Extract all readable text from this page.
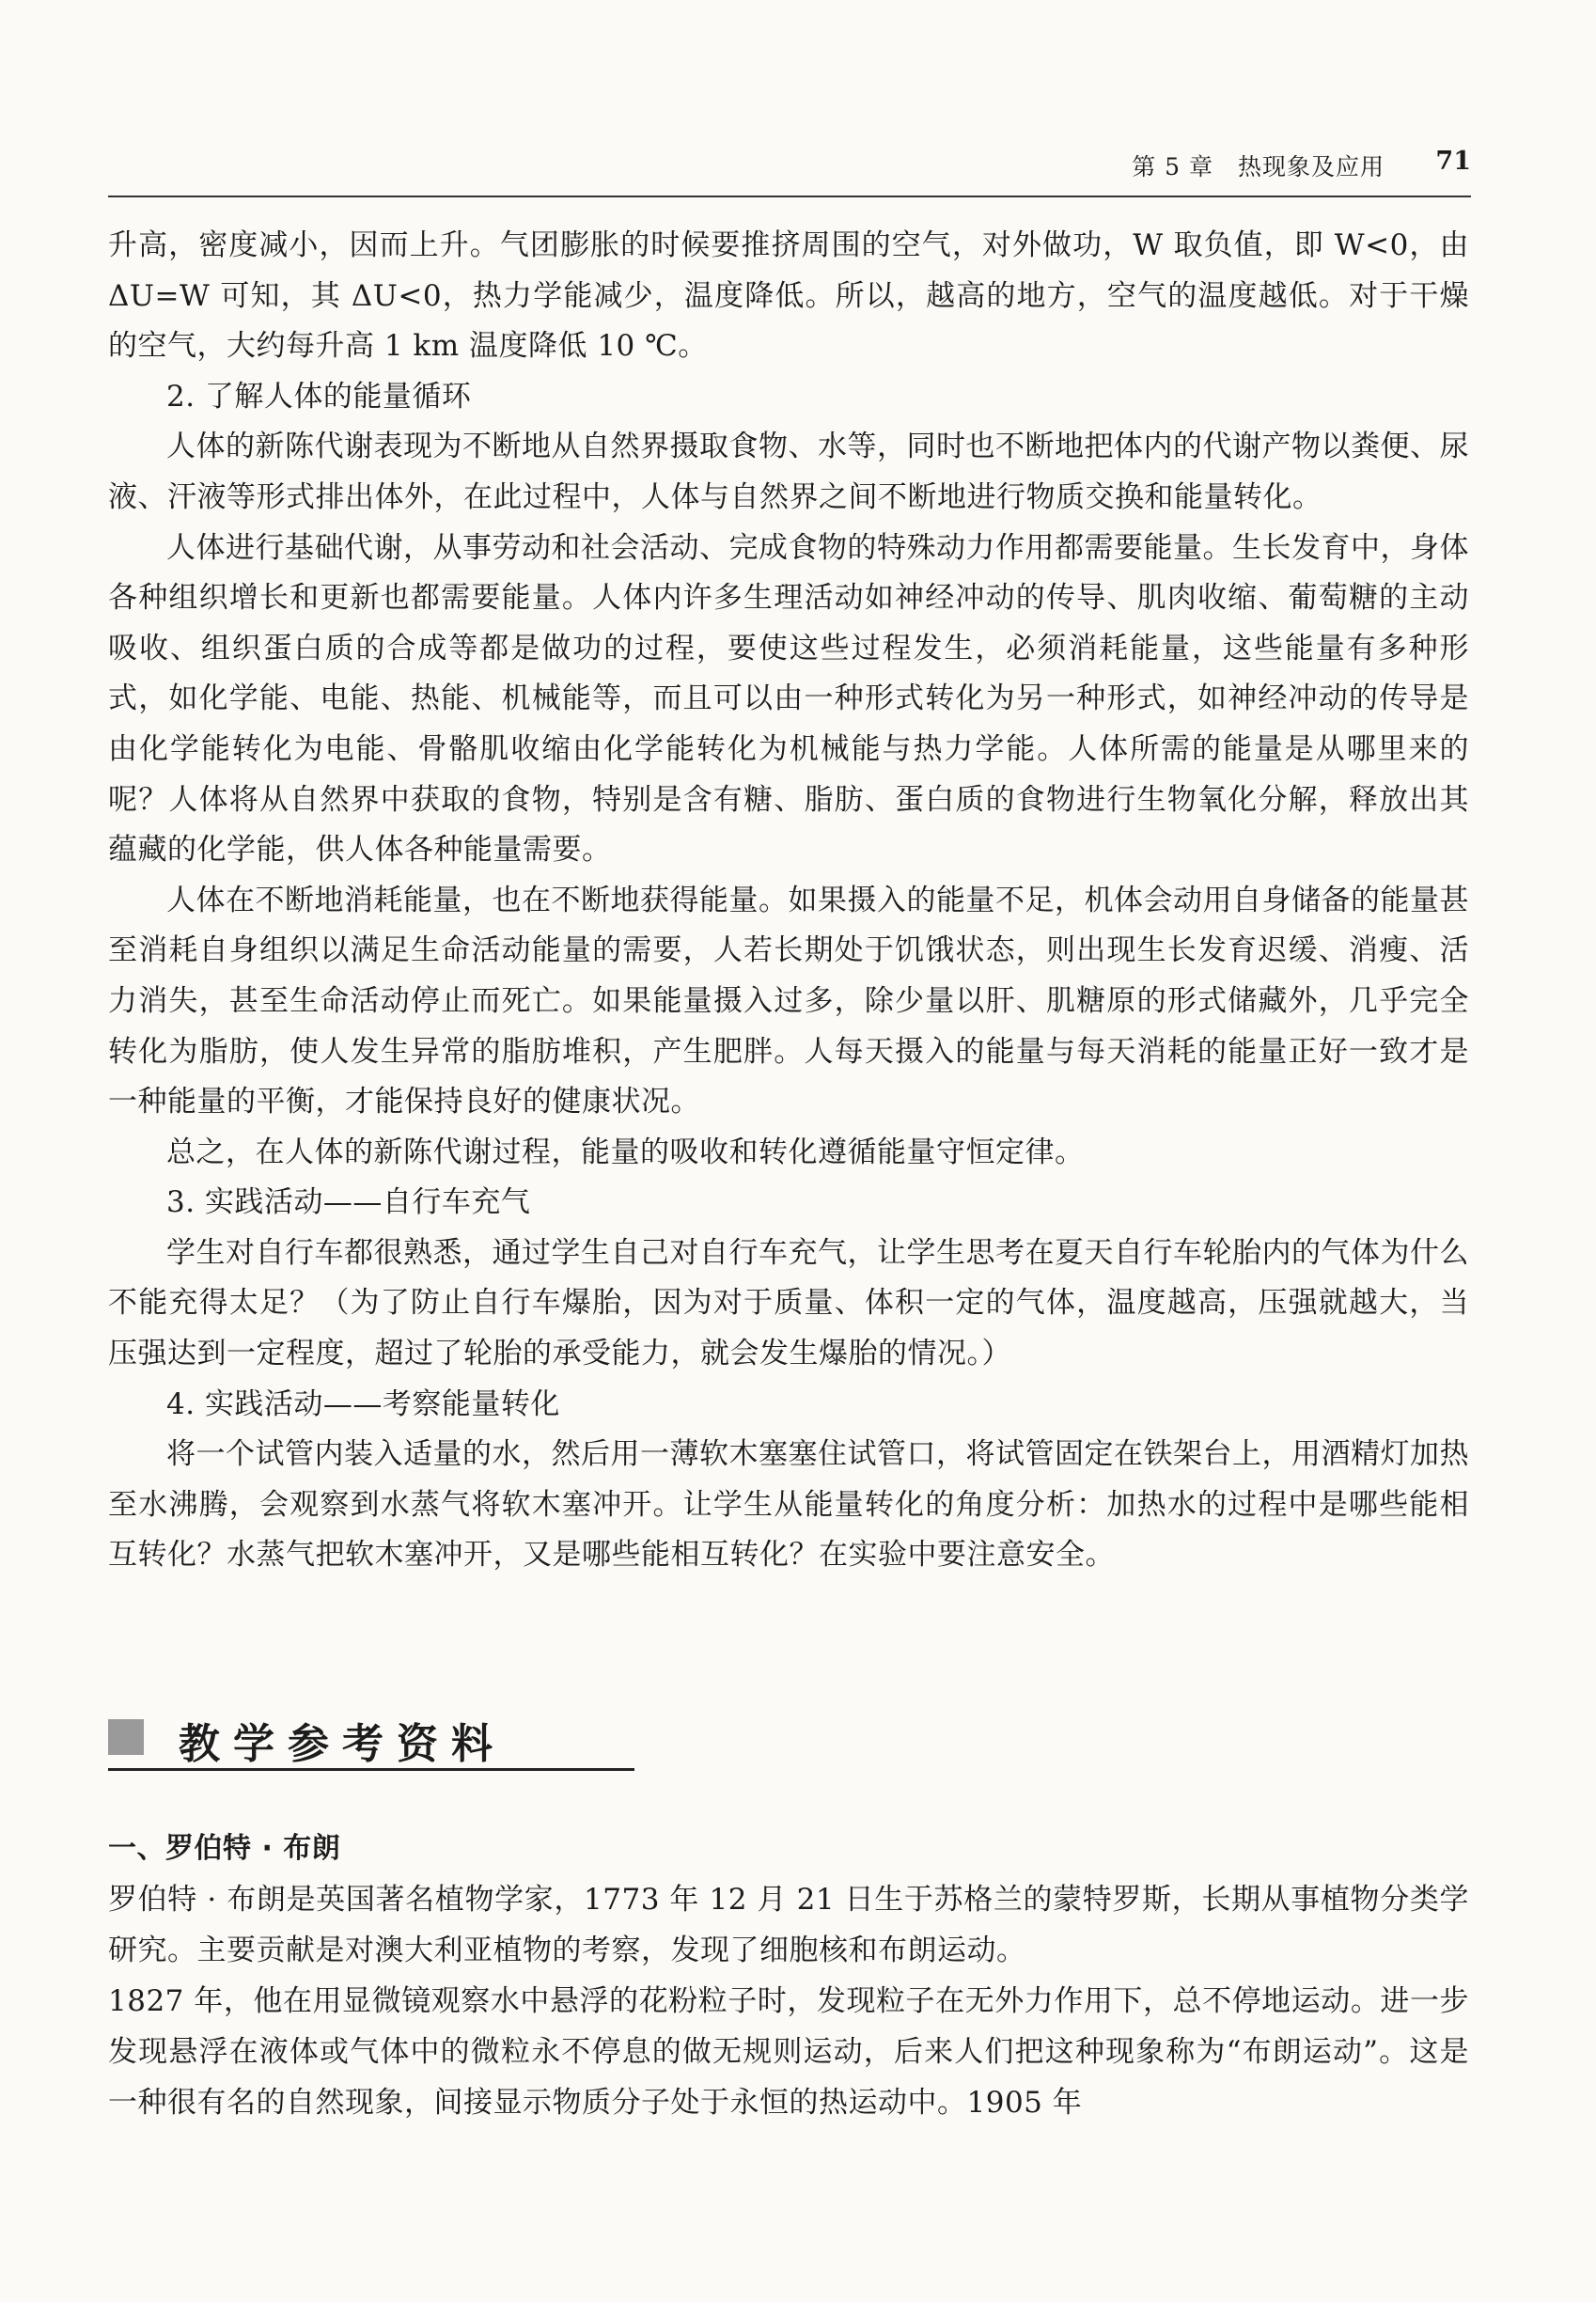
第 5 章　热现象及应用 71

升高，密度减小，因而上升。气团膨胀的时候要推挤周围的空气，对外做功，W 取负值，即 W<0，由 ΔU=W 可知，其 ΔU<0，热力学能减少，温度降低。所以，越高的地方，空气的温度越低。对于干燥的空气，大约每升高 1 km 温度降低 10 ℃。

2. 了解人体的能量循环

人体的新陈代谢表现为不断地从自然界摄取食物、水等，同时也不断地把体内的代谢产物以粪便、尿液、汗液等形式排出体外，在此过程中，人体与自然界之间不断地进行物质交换和能量转化。

人体进行基础代谢，从事劳动和社会活动、完成食物的特殊动力作用都需要能量。生长发育中，身体各种组织增长和更新也都需要能量。人体内许多生理活动如神经冲动的传导、肌肉收缩、葡萄糖的主动吸收、组织蛋白质的合成等都是做功的过程，要使这些过程发生，必须消耗能量，这些能量有多种形式，如化学能、电能、热能、机械能等，而且可以由一种形式转化为另一种形式，如神经冲动的传导是由化学能转化为电能、骨骼肌收缩由化学能转化为机械能与热力学能。人体所需的能量是从哪里来的呢？人体将从自然界中获取的食物，特别是含有糖、脂肪、蛋白质的食物进行生物氧化分解，释放出其蕴藏的化学能，供人体各种能量需要。

人体在不断地消耗能量，也在不断地获得能量。如果摄入的能量不足，机体会动用自身储备的能量甚至消耗自身组织以满足生命活动能量的需要，人若长期处于饥饿状态，则出现生长发育迟缓、消瘦、活力消失，甚至生命活动停止而死亡。如果能量摄入过多，除少量以肝、肌糖原的形式储藏外，几乎完全转化为脂肪，使人发生异常的脂肪堆积，产生肥胖。人每天摄入的能量与每天消耗的能量正好一致才是一种能量的平衡，才能保持良好的健康状况。

总之，在人体的新陈代谢过程，能量的吸收和转化遵循能量守恒定律。

3. 实践活动——自行车充气

学生对自行车都很熟悉，通过学生自己对自行车充气，让学生思考在夏天自行车轮胎内的气体为什么不能充得太足？（为了防止自行车爆胎，因为对于质量、体积一定的气体，温度越高，压强就越大，当压强达到一定程度，超过了轮胎的承受能力，就会发生爆胎的情况。）

4. 实践活动——考察能量转化

将一个试管内装入适量的水，然后用一薄软木塞塞住试管口，将试管固定在铁架台上，用酒精灯加热至水沸腾，会观察到水蒸气将软木塞冲开。让学生从能量转化的角度分析：加热水的过程中是哪些能相互转化？水蒸气把软木塞冲开，又是哪些能相互转化？在实验中要注意安全。

教学参考资料

一、罗伯特 · 布朗

罗伯特 · 布朗是英国著名植物学家，1773 年 12 月 21 日生于苏格兰的蒙特罗斯，长期从事植物分类学研究。主要贡献是对澳大利亚植物的考察，发现了细胞核和布朗运动。

1827 年，他在用显微镜观察水中悬浮的花粉粒子时，发现粒子在无外力作用下，总不停地运动。进一步发现悬浮在液体或气体中的微粒永不停息的做无规则运动，后来人们把这种现象称为“布朗运动”。这是一种很有名的自然现象，间接显示物质分子处于永恒的热运动中。1905 年
